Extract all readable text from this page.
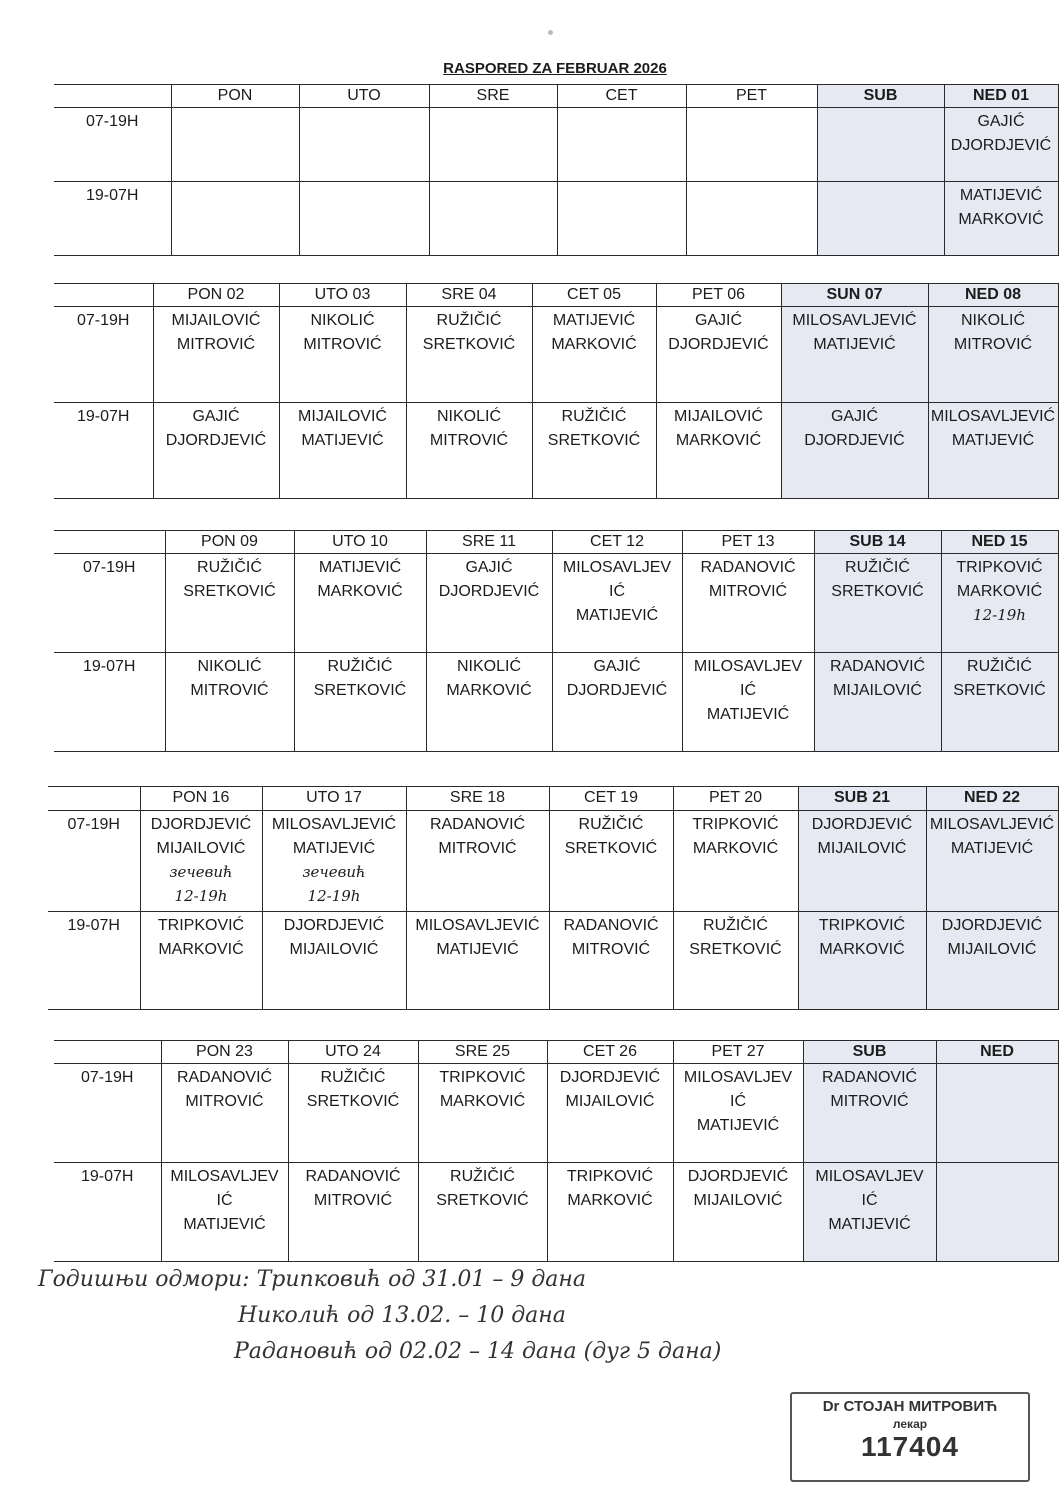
RASPORED ZA FEBRUAR 2026
	PON	UTO	SRE	CET	PET	SUB	NED 01
07-19H							GAJIĆ
DJORDJEVIĆ
19-07H							MATIJEVIĆ
MARKOVIĆ
	PON 02	UTO 03	SRE 04	CET 05	PET 06	SUN 07	NED 08
07-19H	MIJAILOVIĆ
MITROVIĆ	NIKOLIĆ
MITROVIĆ	RUŽIČIĆ
SRETKOVIĆ	MATIJEVIĆ
MARKOVIĆ	GAJIĆ
DJORDJEVIĆ	MILOSAVLJEVIĆ
MATIJEVIĆ	NIKOLIĆ
MITROVIĆ
19-07H	GAJIĆ
DJORDJEVIĆ	MIJAILOVIĆ
MATIJEVIĆ	NIKOLIĆ
MITROVIĆ	RUŽIČIĆ
SRETKOVIĆ	MIJAILOVIĆ
MARKOVIĆ	GAJIĆ
DJORDJEVIĆ	MILOSAVLJEVIĆ
MATIJEVIĆ
	PON 09	UTO 10	SRE 11	CET 12	PET 13	SUB 14	NED 15
07-19H	RUŽIČIĆ
SRETKOVIĆ	MATIJEVIĆ
MARKOVIĆ	GAJIĆ
DJORDJEVIĆ	MILOSAVLJEV
IĆ
MATIJEVIĆ	RADANOVIĆ
MITROVIĆ	RUŽIČIĆ
SRETKOVIĆ	TRIPKOVIĆ
MARKOVIĆ
12-19h
19-07H	NIKOLIĆ
MITROVIĆ	RUŽIČIĆ
SRETKOVIĆ	NIKOLIĆ
MARKOVIĆ	GAJIĆ
DJORDJEVIĆ	MILOSAVLJEV
IĆ
MATIJEVIĆ	RADANOVIĆ
MIJAILOVIĆ	RUŽIČIĆ
SRETKOVIĆ
	PON 16	UTO 17	SRE 18	CET 19	PET 20	SUB 21	NED 22
07-19H	DJORDJEVIĆ
MIJAILOVIĆ
зечевић
12-19h	MILOSAVLJEVIĆ
MATIJEVIĆ
зечевић
12-19h	RADANOVIĆ
MITROVIĆ	RUŽIČIĆ
SRETKOVIĆ	TRIPKOVIĆ
MARKOVIĆ	DJORDJEVIĆ
MIJAILOVIĆ	MILOSAVLJEVIĆ
MATIJEVIĆ
19-07H	TRIPKOVIĆ
MARKOVIĆ	DJORDJEVIĆ
MIJAILOVIĆ	MILOSAVLJEVIĆ
MATIJEVIĆ	RADANOVIĆ
MITROVIĆ	RUŽIČIĆ
SRETKOVIĆ	TRIPKOVIĆ
MARKOVIĆ	DJORDJEVIĆ
MIJAILOVIĆ
	PON 23	UTO 24	SRE 25	CET 26	PET 27	SUB	NED
07-19H	RADANOVIĆ
MITROVIĆ	RUŽIČIĆ
SRETKOVIĆ	TRIPKOVIĆ
MARKOVIĆ	DJORDJEVIĆ
MIJAILOVIĆ	MILOSAVLJEV
IĆ
MATIJEVIĆ	RADANOVIĆ
MITROVIĆ	
19-07H	MILOSAVLJEV
IĆ
MATIJEVIĆ	RADANOVIĆ
MITROVIĆ	RUŽIČIĆ
SRETKOVIĆ	TRIPKOVIĆ
MARKOVIĆ	DJORDJEVIĆ
MIJAILOVIĆ	MILOSAVLJEV
IĆ
MATIJEVIĆ	
Годишњи одмори: Трипковић од 31.01 – 9 дана
Николић од 13.02. – 10 дана
Радановић од 02.02 – 14 дана (дуг 5 дана)
Dr СТОЈАН МИТРОВИЋ
лекар
117404
